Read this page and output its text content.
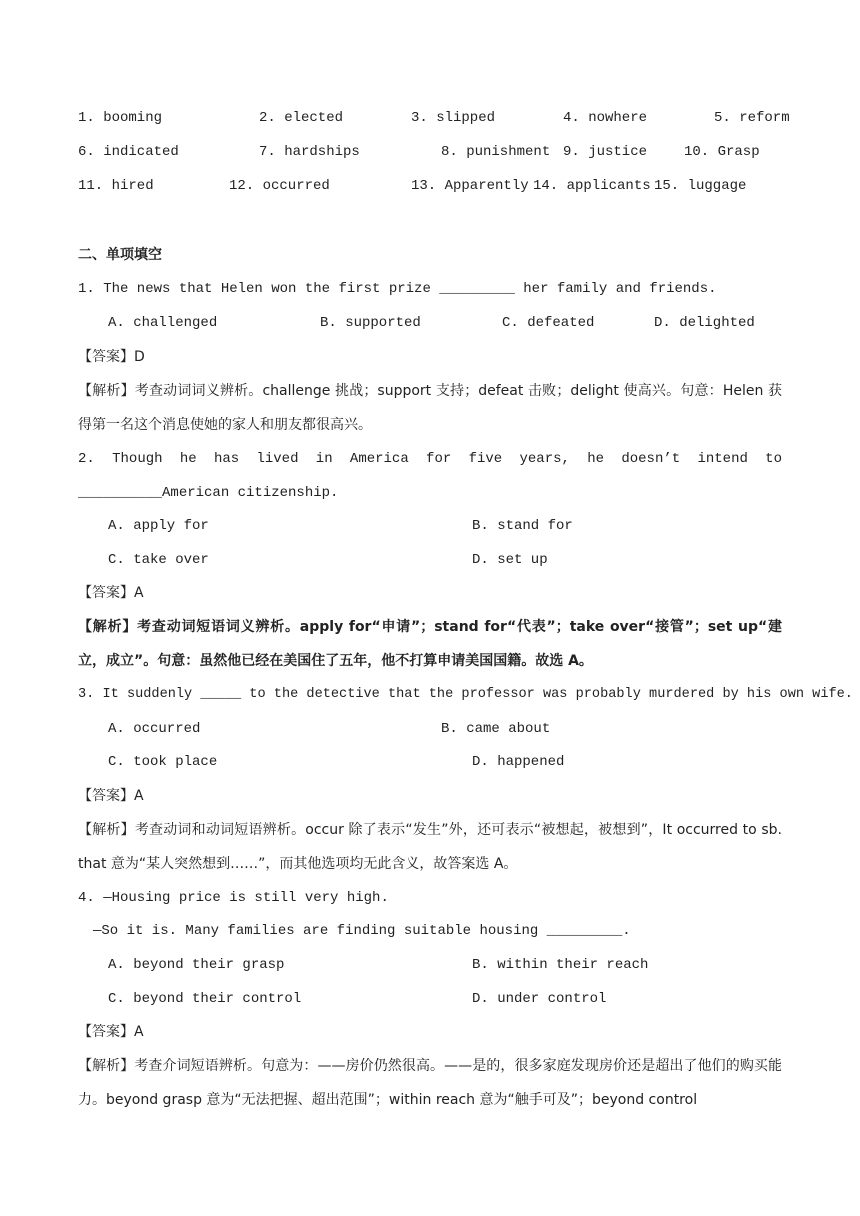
1. booming	2. elected	3. slipped	4. nowhere	5. reform
6. indicated	7. hardships	8. punishment 9. justice	10. Grasp
11. hired	12. occurred	13. Apparently 14. applicants 15. luggage
二、单项填空
1. The news that Helen won the first prize _________ her family and friends.
A. challenged	B. supported	C. defeated	D. delighted
【答案】D
【解析】考查动词词义辨析。challenge 挑战；support 支持；defeat 击败；delight 使高兴。句意：Helen 获得第一名这个消息使她的家人和朋友都很高兴。
2. Though he has lived in America for five years, he doesn’t intend to __________American citizenship.
A. apply for	B. stand for
C. take over	D. set up
【答案】A
【解析】考查动词短语词义辨析。apply for“申请”；stand for“代表”；take over“接管”；set up“建立，成立”。句意：虽然他已经在美国住了五年，他不打算申请美国国籍。故选 A。
3. It suddenly _____ to the detective that the professor was probably murdered by his own wife.
A. occurred	B. came about
C. took place	D. happened
【答案】A
【解析】考查动词和动词短语辨析。occur 除了表示“发生”外，还可表示“被想起，被想到”，It occurred to sb. that 意为“某人突然想到……”，而其他选项均无此含义，故答案选 A。
4. —Housing price is still very high.
—So it is. Many families are finding suitable housing _________.
A. beyond their grasp	B. within their reach
C. beyond their control	D. under control
【答案】A
【解析】考查介词短语辨析。句意为：——房价仍然很高。——是的，很多家庭发现房价还是超出了他们的购买能力。beyond grasp 意为“无法把握、超出范围”；within reach 意为“触手可及”；beyond control
